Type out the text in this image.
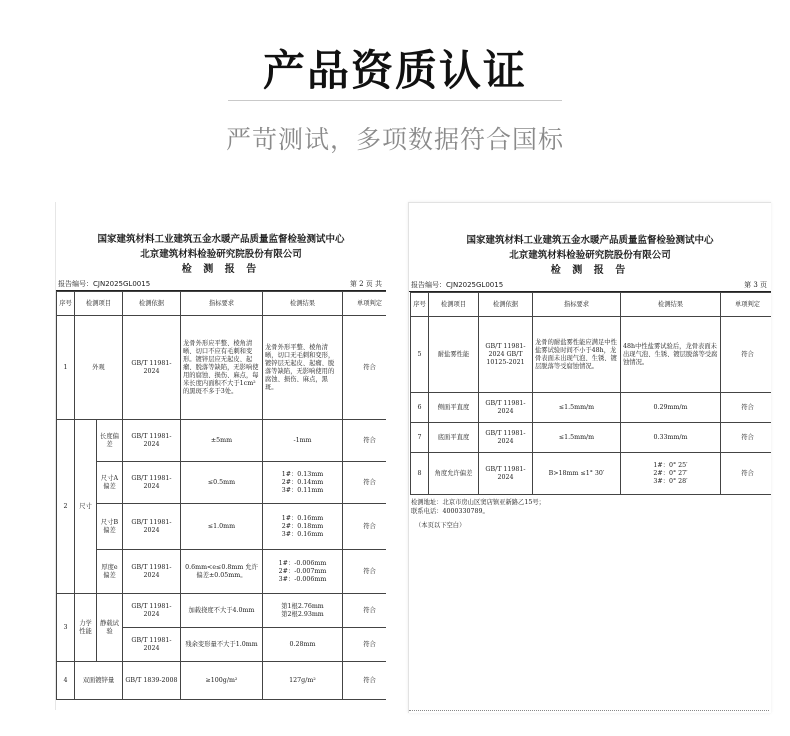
产品资质认证
严苛测试，多项数据符合国标
国家建筑材料工业建筑五金水暖产品质量监督检验测试中心
北京建筑材料检验研究院股份有限公司
检 测 报 告
报告编号：CJN2025GL0015	第 2 页 共
序号	检测项目		检测依据	指标要求	检测结果	单项判定
1	外观		GB/T 11981-2024	龙骨外形应平整、棱角清晰、切口不应有毛刺和变形。镀锌层应无起皮、起瘤、脱落等缺陷，无影响使用的腐蚀、损伤、麻点，每米长度内面积不大于1cm²的黑斑不多于3处。	龙骨外形平整、棱角清晰，切口无毛刺和变形，镀锌层无起皮、起瘤、脱落等缺陷，无影响使用的腐蚀、损伤、麻点，黑斑。	符合
2	尺寸	长度偏差	GB/T 11981-2024	±5mm	-1mm	符合
		尺寸A偏差	GB/T 11981-2024	≤0.5mm	1#：0.13mm
2#：0.14mm
3#：0.11mm	符合
		尺寸B偏差	GB/T 11981-2024	≤1.0mm	1#：0.16mm
2#：0.18mm
3#：0.16mm	符合
		厚度e偏差	GB/T 11981-2024	0.6mm<e≤0.8mm 允许偏差±0.05mm。	1#：-0.006mm
2#：-0.007mm
3#：-0.006mm	符合
3	力学性能	静载试验	GB/T 11981-2024	加载挠度不大于4.0mm	第1根2.76mm
第2根2.93mm	符合
			GB/T 11981-2024	残余变形量不大于1.0mm	0.28mm	符合
4	双面镀锌量		GB/T 1839-2008	≥100g/m²	127g/m²	符合
国家建筑材料工业建筑五金水暖产品质量监督检验测试中心
北京建筑材料检验研究院股份有限公司
检 测 报 告
报告编号：CJN2025GL0015	第 3 页
序号	检测项目	检测依据	指标要求	检测结果	单项判定
5	耐盐雾性能	GB/T 11981-2024 GB/T 10125-2021	龙骨的耐盐雾性能应满足中性盐雾试验时间不小于48h，龙骨表面未出现气泡、生锈、镀层脱落等受腐蚀情况。	48h中性盐雾试验后，龙骨表面未出现气泡、生锈、镀层脱落等受腐蚀情况。	符合
6	侧面平直度	GB/T 11981-2024	≤1.5mm/m	0.29mm/m	符合
7	底面平直度	GB/T 11981-2024	≤1.5mm/m	0.33mm/m	符合
8	角度允许偏差	GB/T 11981-2024	B>18mm ≤1° 30′	1#：0° 25′
2#：0° 27′
3#：0° 28′	符合
检测地址：北京市房山区窦店镇亚新路乙15号；
联系电话：4000330789。
（本页以下空白）
